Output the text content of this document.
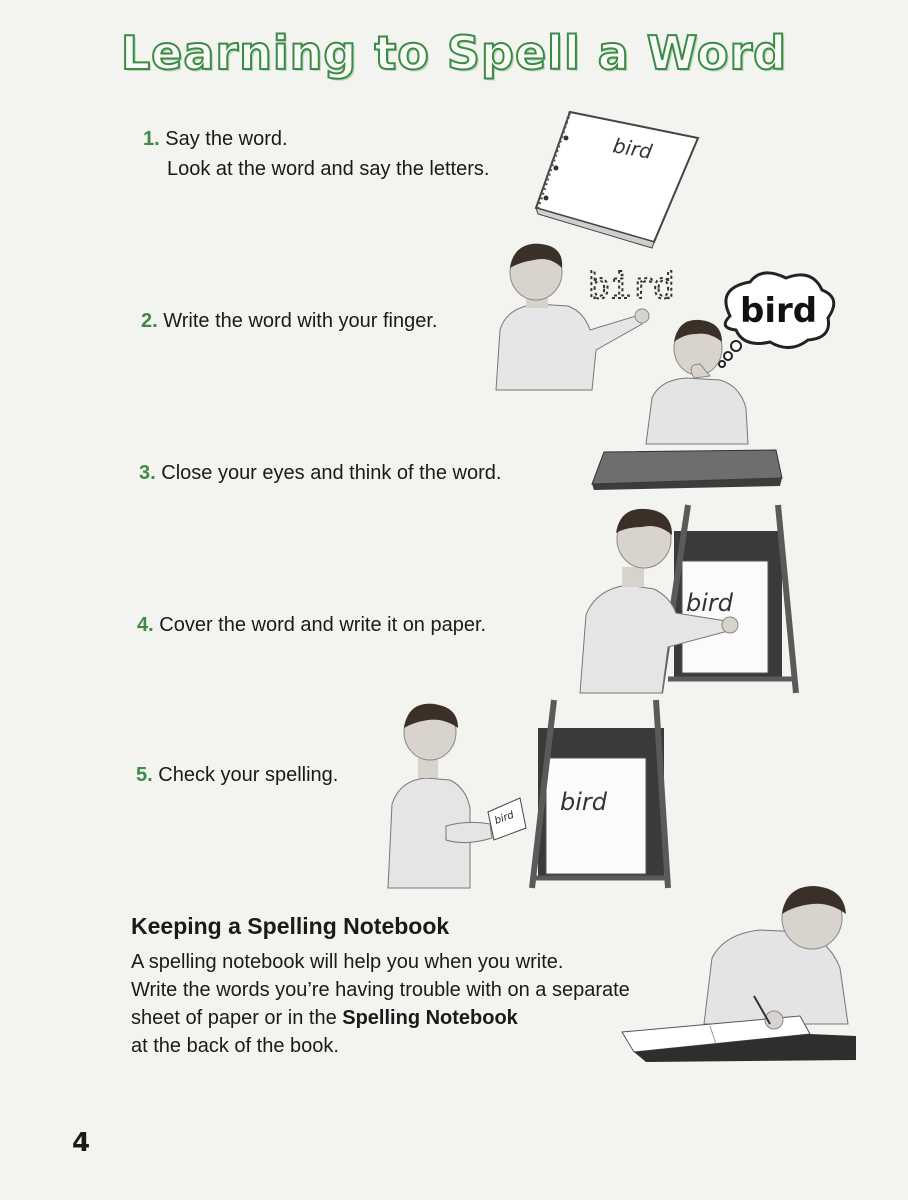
Learning to Spell a Word
1. Say the word.
Look at the word and say the letters.
bird
2. Write the word with your finger.
bird
3. Close your eyes and think of the word.
bird
4. Cover the word and write it on paper.
bird
5. Check your spelling.
bird
bird
Keeping a Spelling Notebook
A spelling notebook will help you when you write.
Write the words you’re having trouble with on a separate
sheet of paper or in the Spelling Notebook
at the back of the book.
4
